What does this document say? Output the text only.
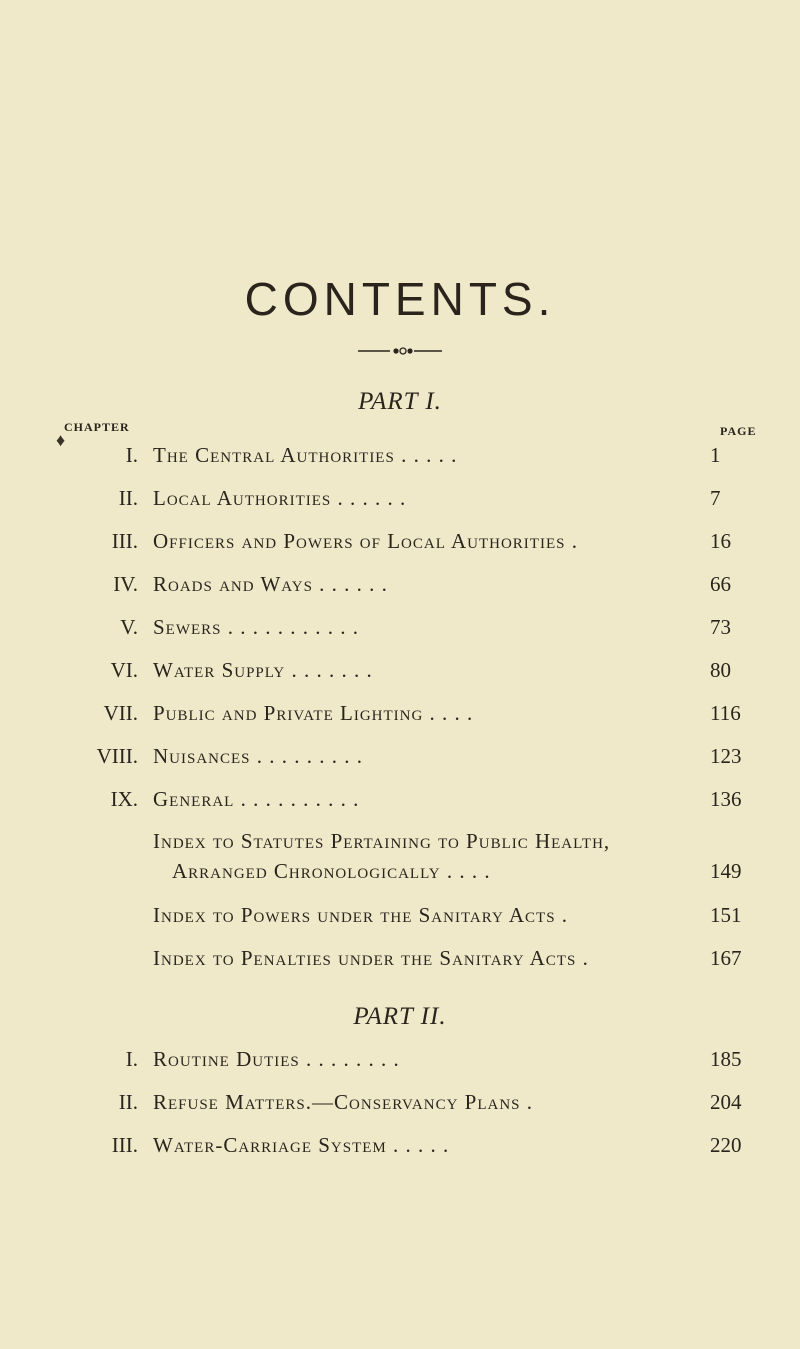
CONTENTS.
PART I.
CHAPTER	PAGE
♦
I. The Central Authorities . . . . .	1
II. Local Authorities . . . . . .	7
III. Officers and Powers of Local Authorities .	16
IV. Roads and Ways . . . . . .	66
V. Sewers . . . . . . . . . . .	73
VI. Water Supply . . . . . . .	80
VII. Public and Private Lighting . . . .	116
VIII. Nuisances . . . . . . . . .	123
IX. General . . . . . . . . . .	136
Index to Statutes Pertaining to Public Health,
Arranged Chronologically . . . .	149
Index to Powers under the Sanitary Acts .	151
Index to Penalties under the Sanitary Acts .	167
PART II.
I. Routine Duties . . . . . . . .	185
II. Refuse Matters.—Conservancy Plans .	204
III. Water-Carriage System . . . . .	220
